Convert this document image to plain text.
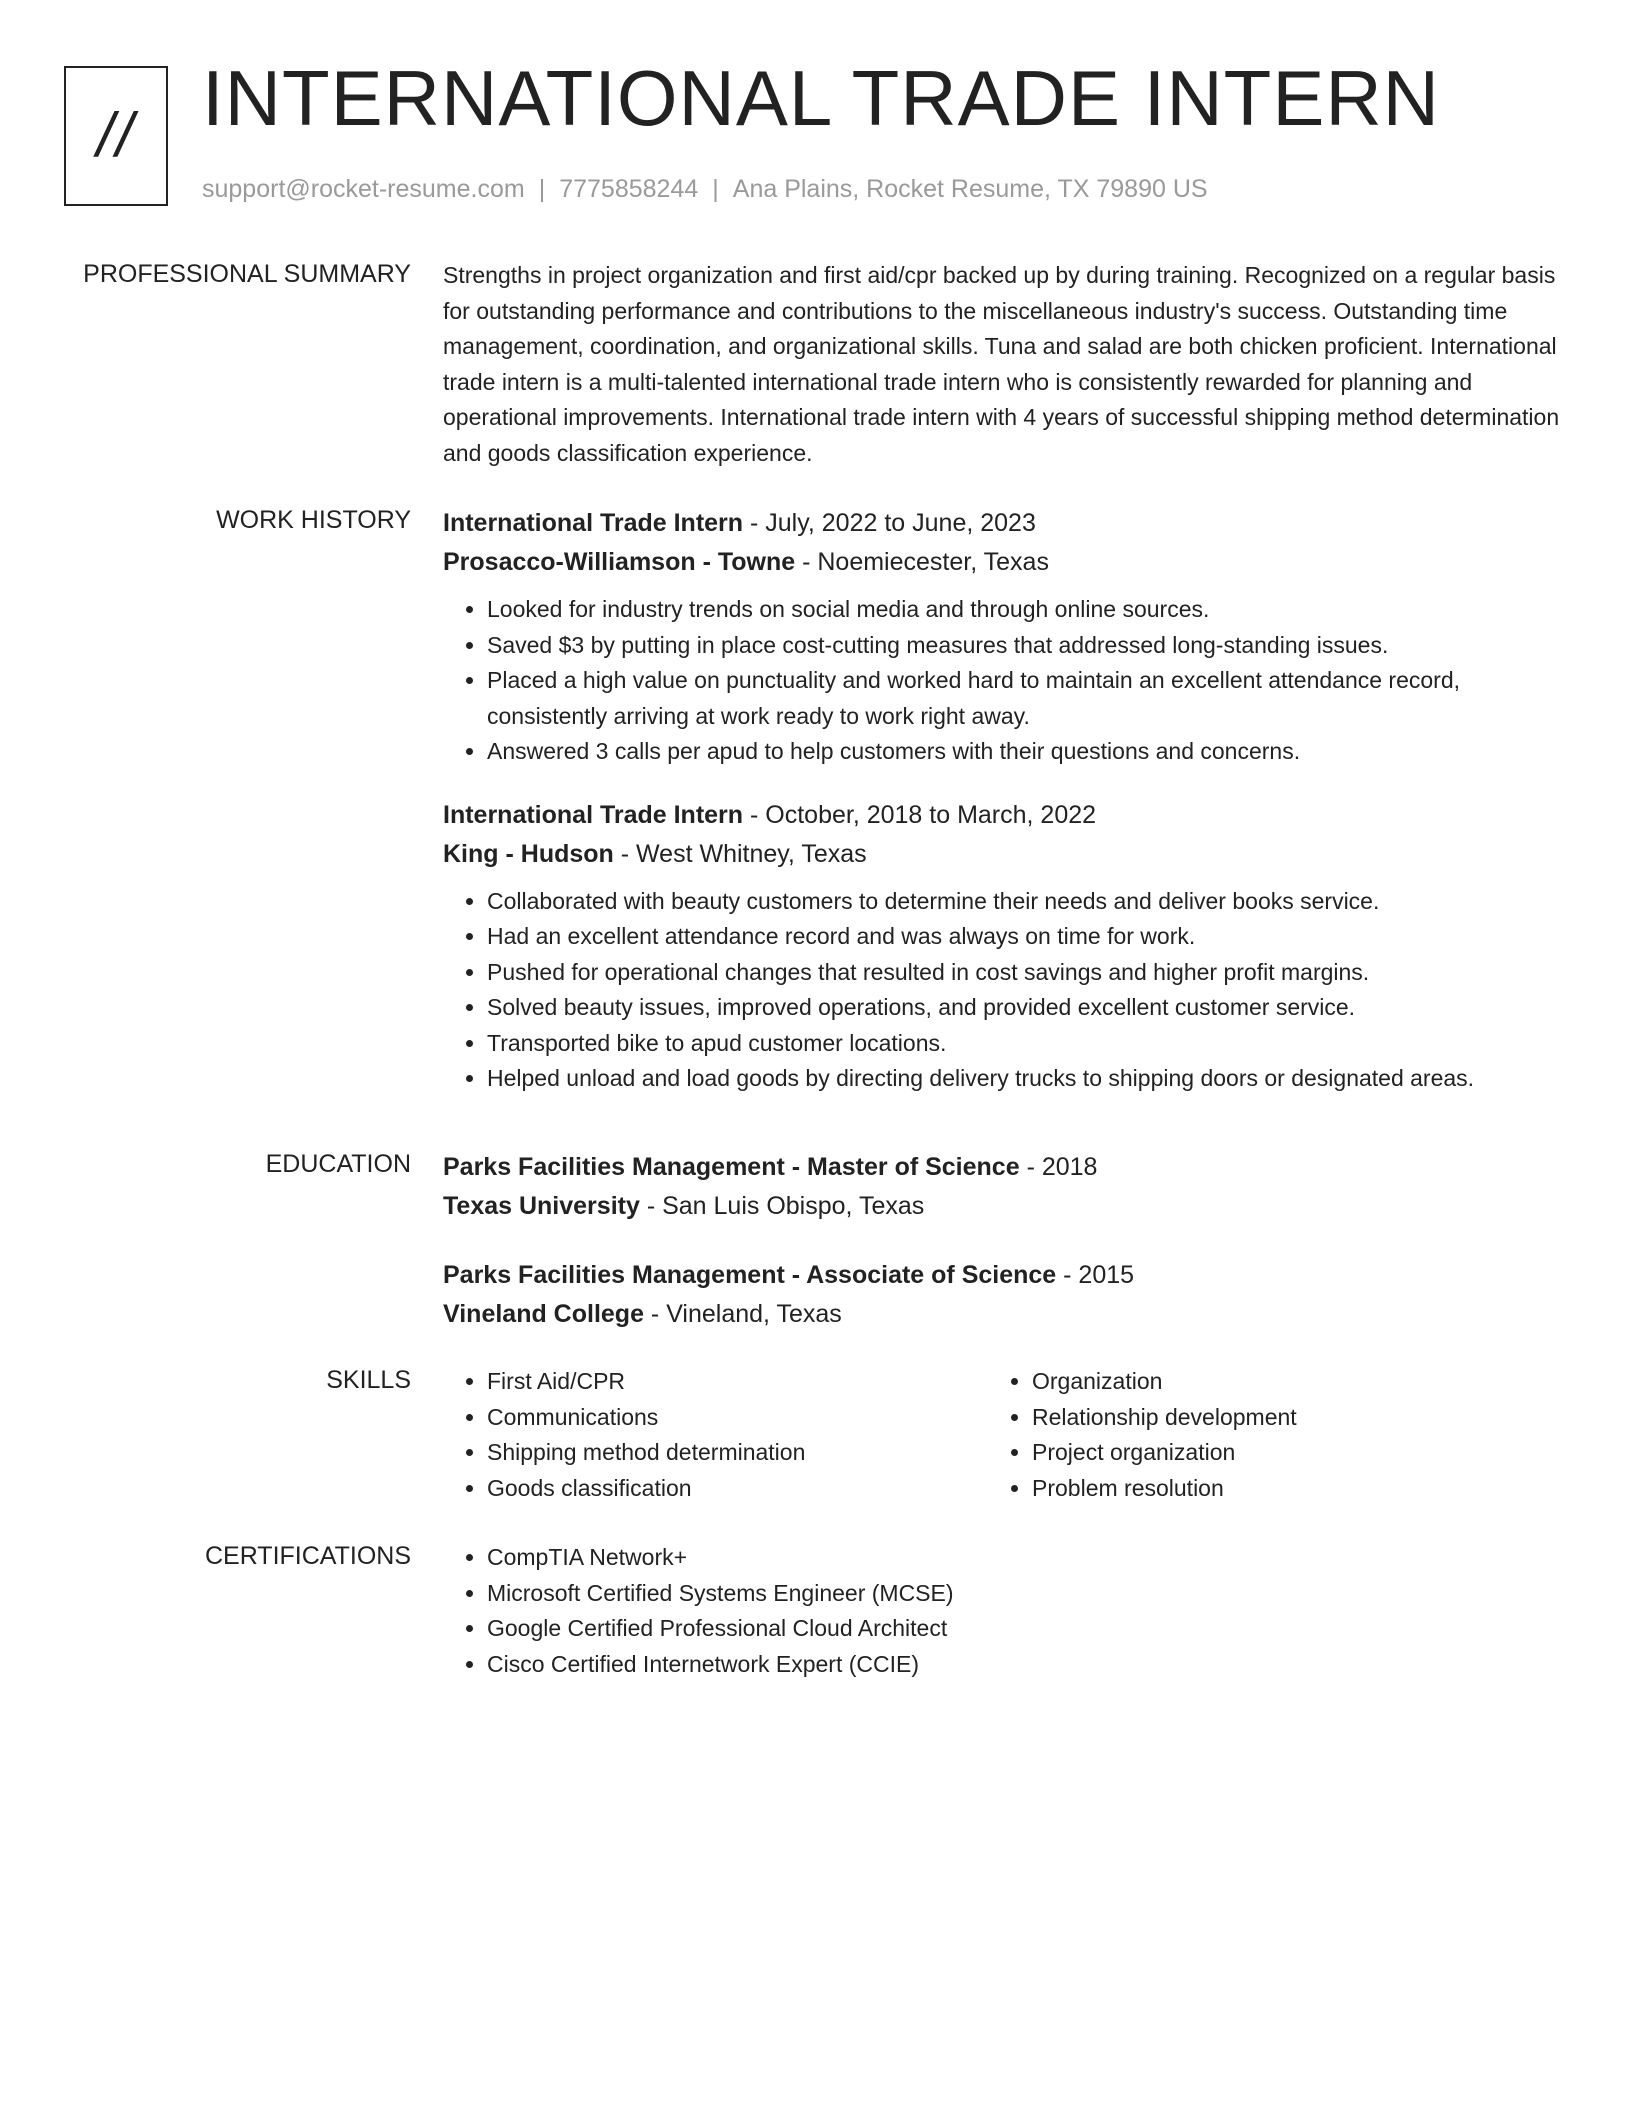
// INTERNATIONAL TRADE INTERN
support@rocket-resume.com | 7775858244 | Ana Plains, Rocket Resume, TX 79890 US
PROFESSIONAL SUMMARY Strengths in project organization and first aid/cpr backed up by during training. Recognized on a regular basis for outstanding performance and contributions to the miscellaneous industry's success. Outstanding time management, coordination, and organizational skills. Tuna and salad are both chicken proficient. International trade intern is a multi-talented international trade intern who is consistently rewarded for planning and operational improvements. International trade intern with 4 years of successful shipping method determination and goods classification experience.

WORK HISTORY International Trade Intern - July, 2022 to June, 2023
Prosacco-Williamson - Towne - Noemiecester, Texas
• Looked for industry trends on social media and through online sources.
• Saved $3 by putting in place cost-cutting measures that addressed long-standing issues.
• Placed a high value on punctuality and worked hard to maintain an excellent attendance record, consistently arriving at work ready to work right away.
• Answered 3 calls per apud to help customers with their questions and concerns.
International Trade Intern - October, 2018 to March, 2022
King - Hudson - West Whitney, Texas
• Collaborated with beauty customers to determine their needs and deliver books service.
• Had an excellent attendance record and was always on time for work.
• Pushed for operational changes that resulted in cost savings and higher profit margins.
• Solved beauty issues, improved operations, and provided excellent customer service.
• Transported bike to apud customer locations.
• Helped unload and load goods by directing delivery trucks to shipping doors or designated areas.
EDUCATION Parks Facilities Management - Master of Science - 2018
Texas University - San Luis Obispo, Texas
Parks Facilities Management - Associate of Science - 2015
Vineland College - Vineland, Texas
SKILLS	• First Aid/CPR
• Communications
• Shipping method determination
• Goods classification
• Organization
• Relationship development
• Project organization
• Problem resolution
CERTIFICATIONS	• CompTIA Network+
• Microsoft Certified Systems Engineer (MCSE)
• Google Certified Professional Cloud Architect
• Cisco Certified Internetwork Expert (CCIE)
